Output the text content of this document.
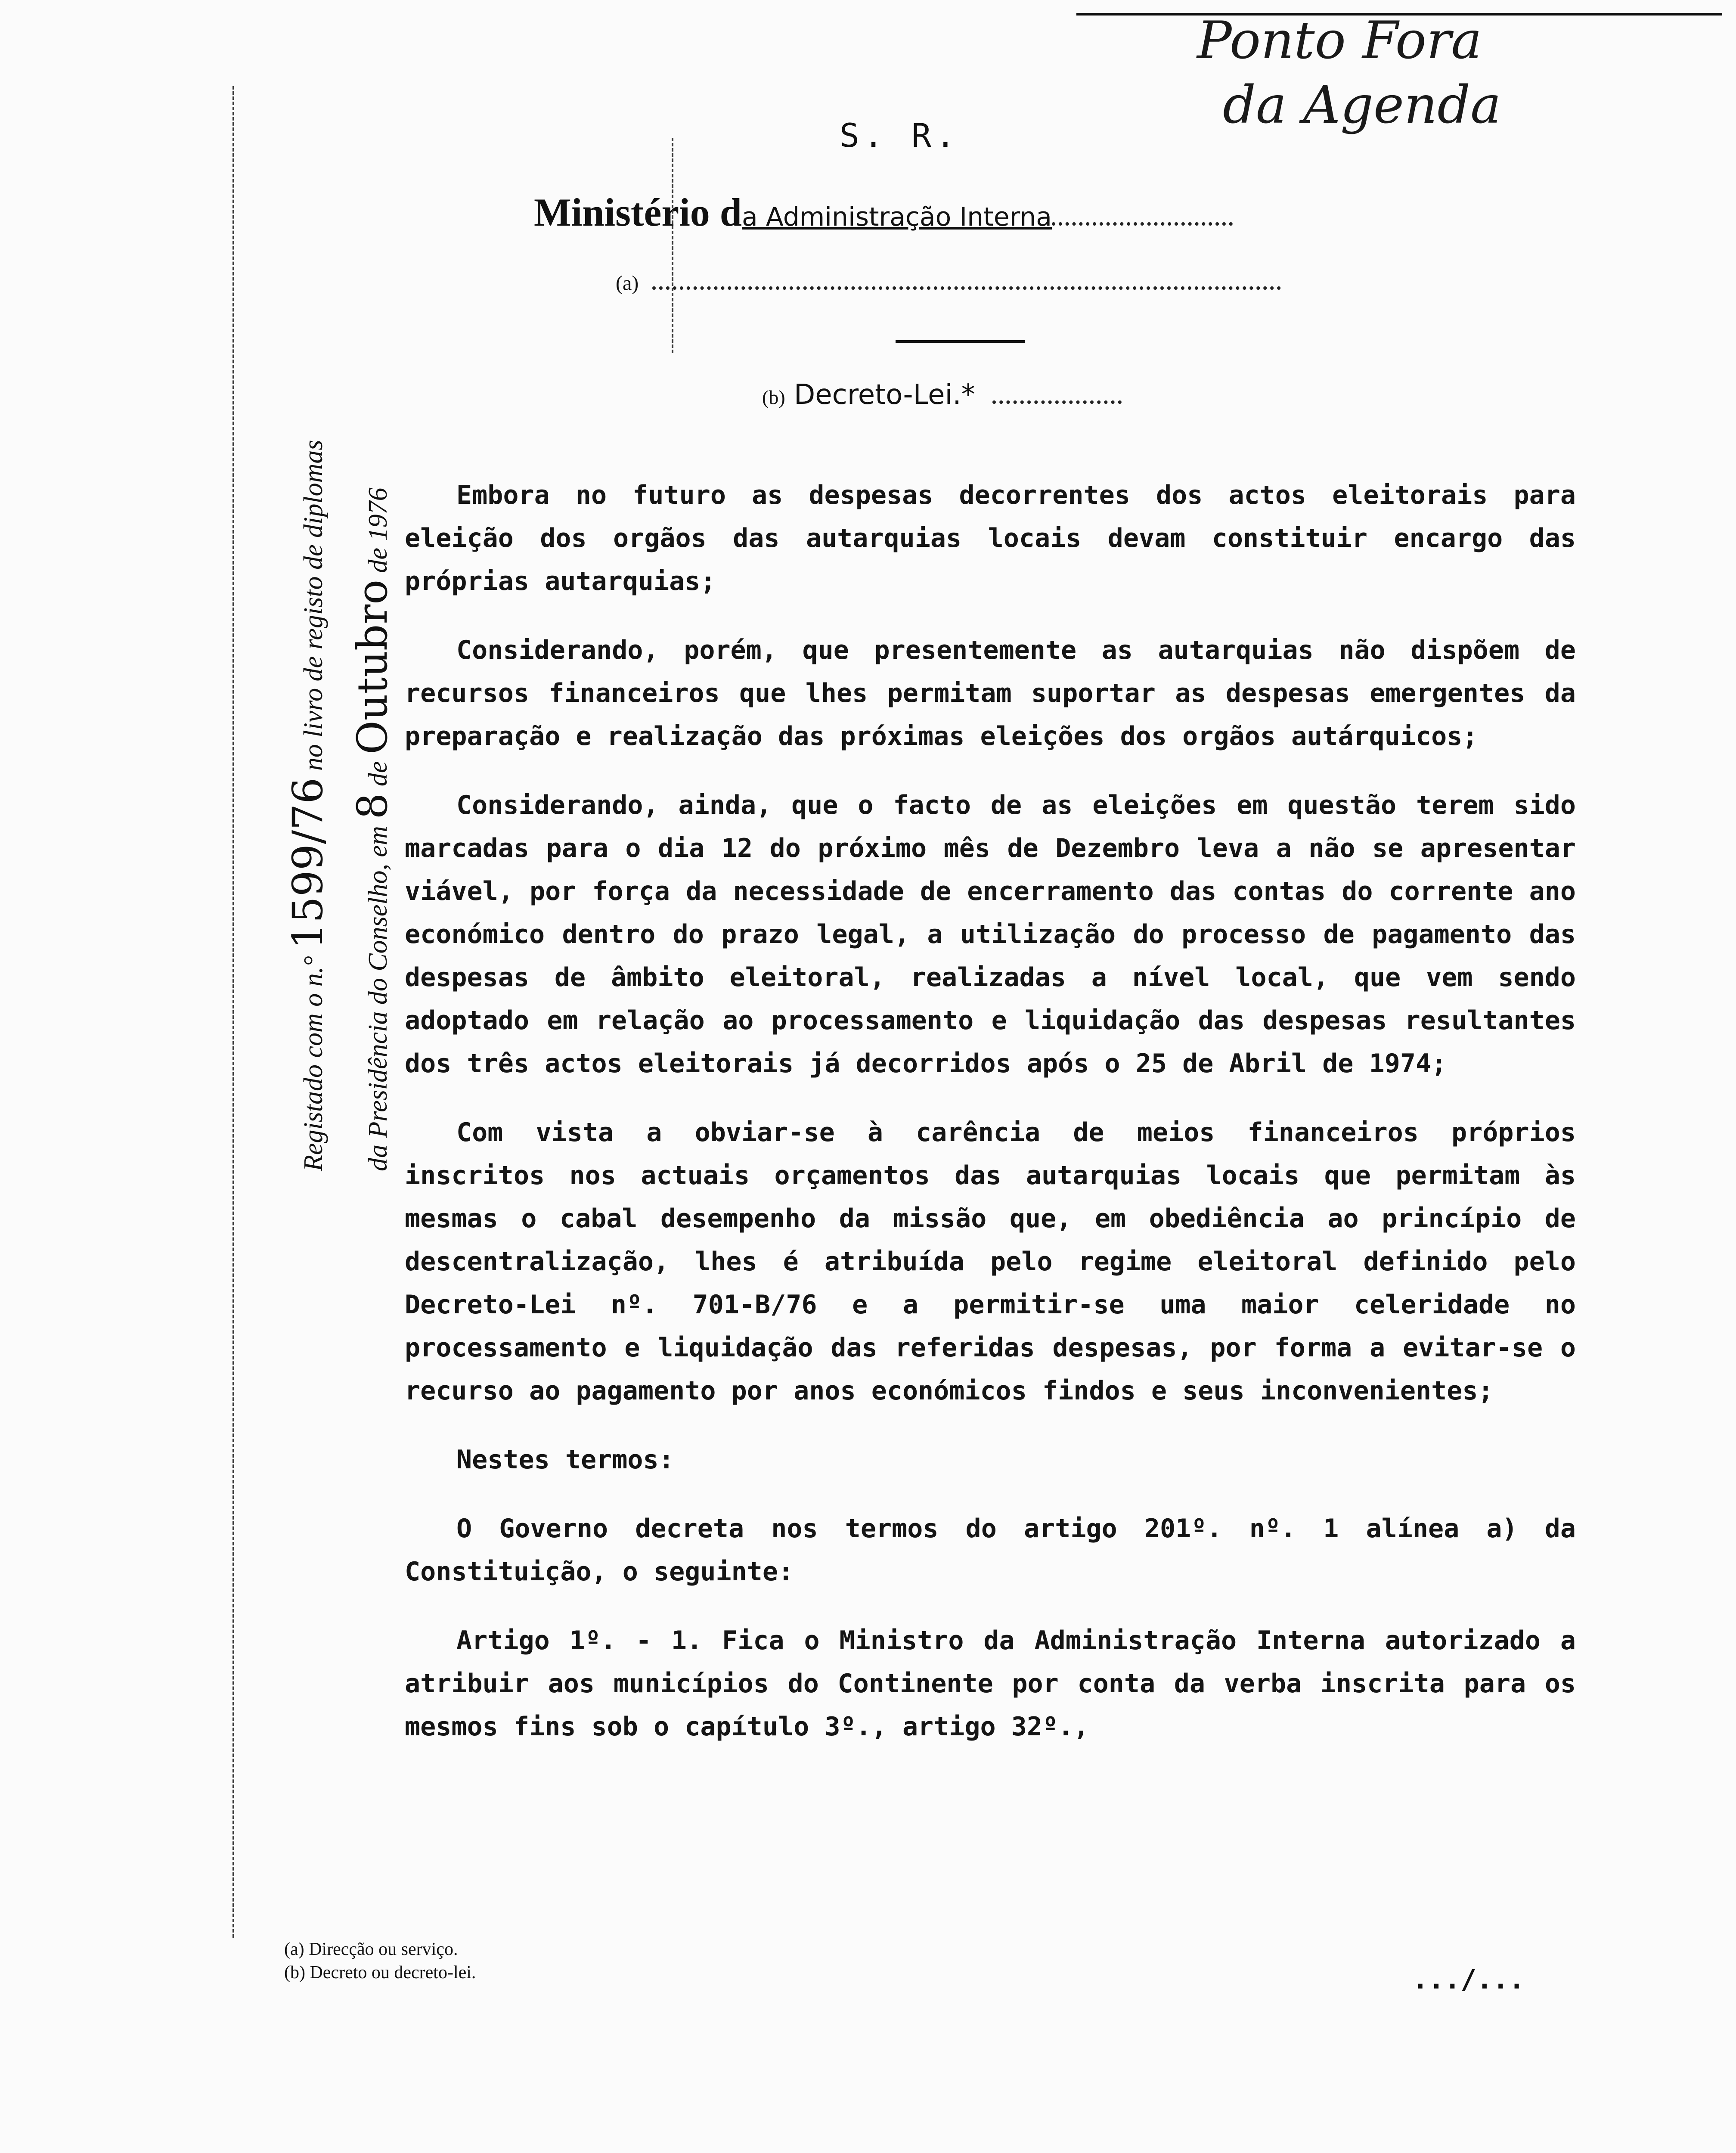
Ponto Fora
da Agenda
S. R.
Ministério da Administração Interna
(a)
(b) Decreto-Lei.*
Registado com o n.° 1599/76 no livro de registo de diplomas
da Presidência do Conselho, em 8 de Outubro de 1976	Embora no futuro as despesas decorrentes dos actos eleitorais para eleição dos orgãos das autarquias locais devam constituir encargo das próprias autarquias;

Considerando, porém, que presentemente as autarquias não dispõem de recursos financeiros que lhes permitam suportar as despesas emergentes da preparação e realização das próximas eleições dos orgãos autárquicos;

Considerando, ainda, que o facto de as eleições em questão terem sido marcadas para o dia 12 do próximo mês de Dezembro leva a não se apresentar viável, por força da necessidade de encerramento das contas do corrente ano económico dentro do prazo legal, a utilização do processo de pagamento das despesas de âmbito eleitoral, realizadas a nível local, que vem sendo adoptado em relação ao processamento e liquidação das despesas resultantes dos três actos eleitorais já decorridos após o 25 de Abril de 1974;

Com vista a obviar-se à carência de meios financeiros próprios inscritos nos actuais orçamentos das autarquias locais que permitam às mesmas o cabal desempenho da missão que, em obediência ao princípio de descentralização, lhes é atribuída pelo regime eleitoral definido pelo Decreto-Lei nº. 701-B/76 e a permitir-se uma maior celeridade no processamento e liquidação das referidas despesas, por forma a evitar-se o recurso ao pagamento por anos económicos findos e seus inconvenientes;

Nestes termos:

O Governo decreta nos termos do artigo 201º. nº. 1 alínea a) da Constituição, o seguinte:

Artigo 1º. - 1. Fica o Ministro da Administração Interna autorizado a atribuir aos municípios do Continente por conta da verba inscrita para os mesmos fins sob o capítulo 3º., artigo 32º.,

(a) Direcção ou serviço.
(b) Decreto ou decreto-lei.	.../...
